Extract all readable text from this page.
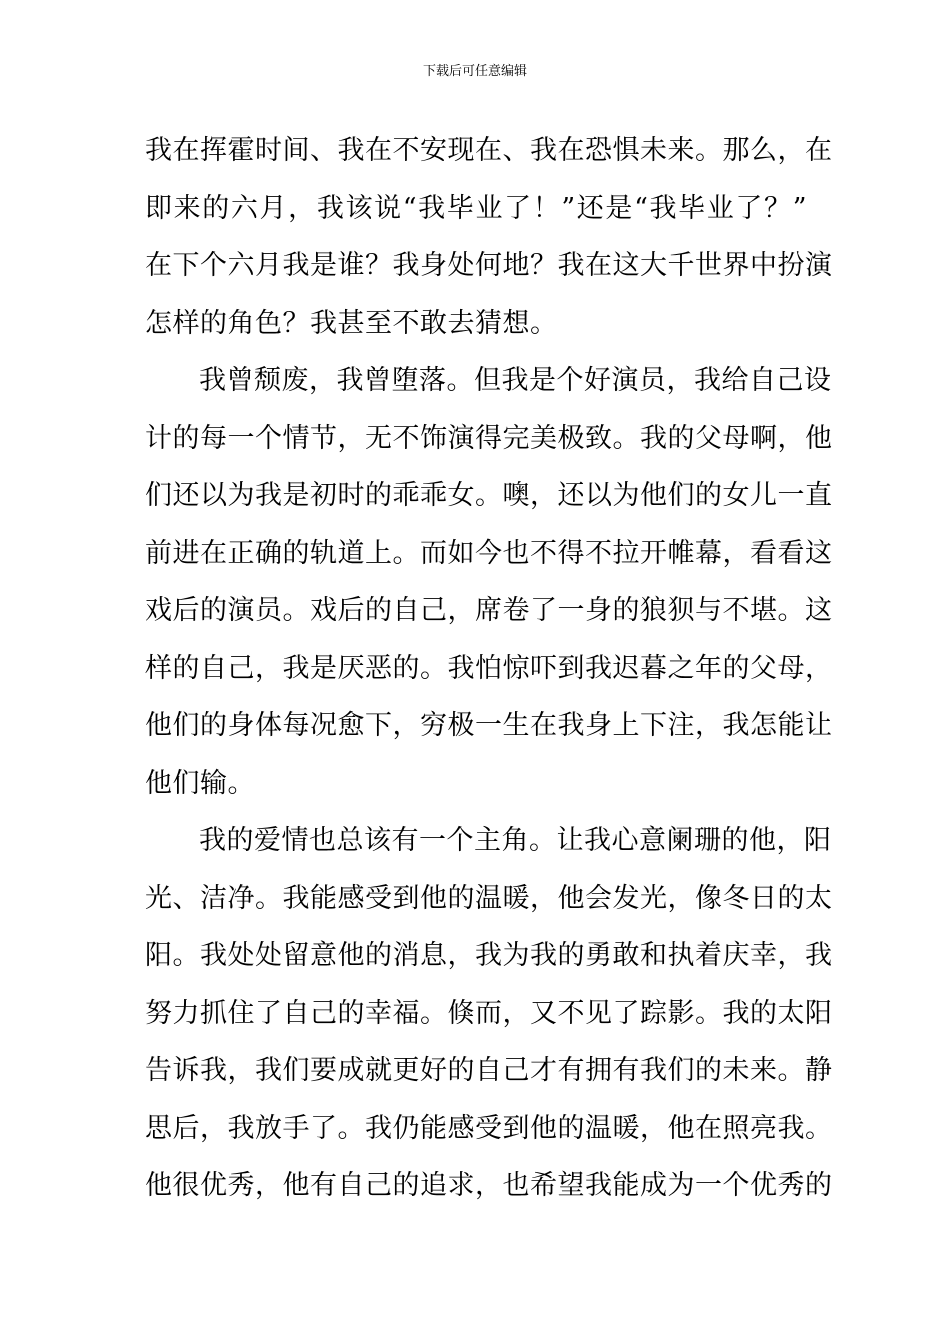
下载后可任意编辑
我在挥霍时间、我在不安现在、我在恐惧未来。那么，在
即来的六月，我该说“我毕业了！”还是“我毕业了？”
在下个六月我是谁？我身处何地？我在这大千世界中扮演
怎样的角色？我甚至不敢去猜想。
我曾颓废，我曾堕落。但我是个好演员，我给自己设
计的每一个情节，无不饰演得完美极致。我的父母啊，他
们还以为我是初时的乖乖女。噢，还以为他们的女儿一直
前进在正确的轨道上。而如今也不得不拉开帷幕，看看这
戏后的演员。戏后的自己，席卷了一身的狼狈与不堪。这
样的自己，我是厌恶的。我怕惊吓到我迟暮之年的父母，
他们的身体每况愈下，穷极一生在我身上下注，我怎能让
他们输。
我的爱情也总该有一个主角。让我心意阑珊的他，阳
光、洁净。我能感受到他的温暖，他会发光，像冬日的太
阳。我处处留意他的消息，我为我的勇敢和执着庆幸，我
努力抓住了自己的幸福。倏而，又不见了踪影。我的太阳
告诉我，我们要成就更好的自己才有拥有我们的未来。静
思后，我放手了。我仍能感受到他的温暖，他在照亮我。
他很优秀，他有自己的追求，也希望我能成为一个优秀的
